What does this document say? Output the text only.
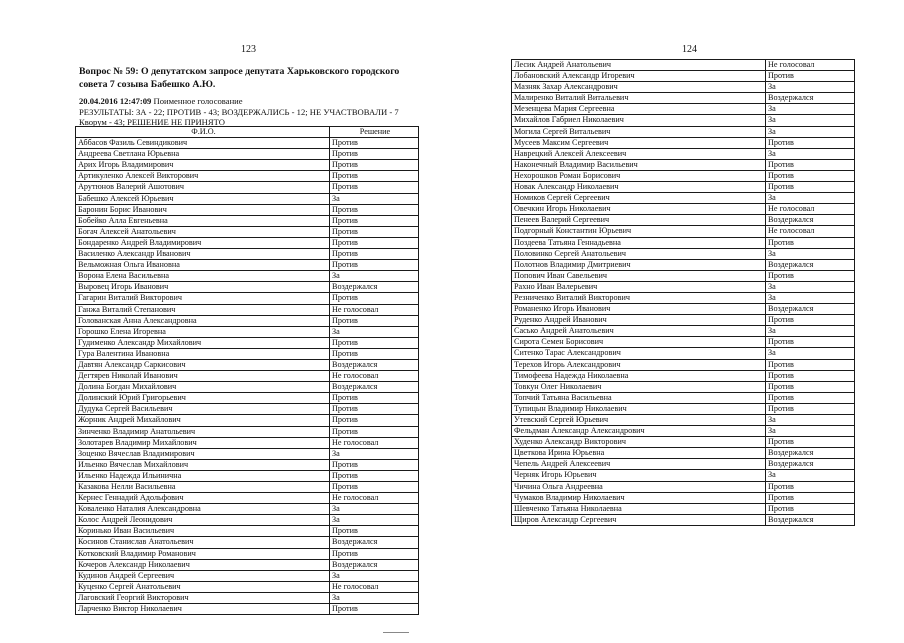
123
Вопрос № 59: О депутатском запросе депутата Харьковского городского
совета 7 созыва Бабешко А.Ю.
20.04.2016 12:47:09 Поименное голосование
РЕЗУЛЬТАТЫ: ЗА - 22; ПРОТИВ - 43; ВОЗДЕРЖАЛИСЬ - 12; НЕ УЧАСТВОВАЛИ - 7
Кворум - 43; РЕШЕНИЕ НЕ ПРИНЯТО
Ф.И.О.	Решение
Аббасов Фазиль Севиндикович	Против
Андреева Светлана Юрьевна	Против
Арих Игорь Владимирович	Против
Артикуленко Алексей Викторович	Против
Арутюнов Валерий Ашотович	Против
Бабешко Алексей Юрьевич	За
Баронин Борис Иванович	Против
Бобейко Алла Евгеньевна	Против
Богач Алексей Анатольевич	Против
Бондаренко Андрей Владимирович	Против
Василенко Александр Иванович	Против
Вельможная Ольга Ивановна	Против
Ворона Елена Васильевна	За
Выровец Игорь Иванович	Воздержался
Гагарин Виталий Викторович	Против
Ганжа Виталий Степанович	Не голосовал
Голованская Анна Александровна	Против
Горошко Елена Игоревна	За
Гудименко Александр Михайлович	Против
Гура Валентина Ивановна	Против
Давтян Александр Саркисович	Воздержался
Дегтярев Николай Иванович	Не голосовал
Долина Богдан Михайлович	Воздержался
Долинский Юрий Григорьевич	Против
Дудука Сергей Васильевич	Против
Жорник Андрей Михайлович	Против
Зинченко Владимир Анатольевич	Против
Золотарев Владимир Михайлович	Не голосовал
Зоценко Вячеслав Владимирович	За
Ильенко Вячеслав Михайлович	Против
Ильенко Надежда Ильинична	Против
Казакова Нелли Васильевна	Против
Кернес Геннадий Адольфович	Не голосовал
Коваленко Наталия Александровна	За
Колос Андрей Леонидович	За
Коринько Иван Васильевич	Против
Косинов Станислав Анатольевич	Воздержался
Котковский Владимир Романович	Против
Кочеров Александр Николаевич	Воздержался
Кудинов Андрей Сергеевич	За
Куценко Сергей Анатольевич	Не голосовал
Лаговский Георгий Викторович	За
Ларченко Виктор Николаевич	Против
124
Лесик Андрей Анатольевич	Не голосовал
Лобановский Александр Игоревич	Против
Мазняк Захар Александрович	За
Малиренко Виталий Витальевич	Воздержался
Мезенцева Мария Сергеевна	За
Михайлов Габриел Николаевич	За
Могила Сергей Витальевич	За
Мусеев Максим Сергеевич	Против
Наврецкий Алексей Алексеевич	За
Наконечный Владимир Васильевич	Против
Нехорошков Роман Борисович	Против
Новак Александр Николаевич	Против
Номиков Сергей Сергеевич	За
Овечкин Игорь Николаевич	Не голосовал
Пенеев Валерий Сергеевич	Воздержался
Подгорный Константин Юрьевич	Не голосовал
Поздеева Татьяна Геннадьевна	Против
Половинко Сергей Анатольевич	За
Полотнов Владимир Дмитриевич	Воздержался
Попович Иван Савельевич	Против
Рахно Иван Валерьевич	За
Резниченко Виталий Викторович	За
Романенко Игорь Иванович	Воздержался
Руденко Андрей Иванович	Против
Сасько Андрей Анатольевич	За
Сирота Семен Борисович	Против
Ситенко Тарас Александрович	За
Терехов Игорь Александрович	Против
Тимофеева Надежда Николаевна	Против
Товкун Олег Николаевич	Против
Топчий Татьяна Васильевна	Против
Тупицын Владимир Николаевич	Против
Утевский Сергей Юрьевич	За
Фельдман Александр Александрович	За
Худенко Александр Викторович	Против
Цветкова Ирина Юрьевна	Воздержался
Чепель Андрей Алексеевич	Воздержался
Черняк Игорь Юрьевич	За
Чичина Ольга Андреевна	Против
Чумаков Владимир Николаевич	Против
Шевченко Татьяна Николаевна	Против
Щиров Александр Сергеевич	Воздержался
